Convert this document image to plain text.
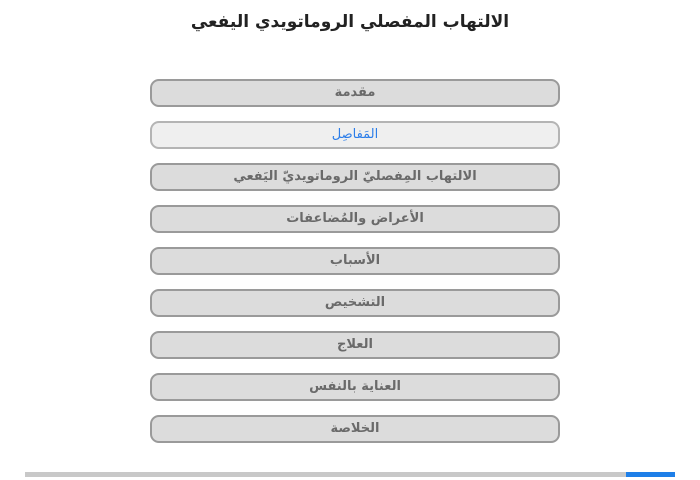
الالتهاب المفصلي الروماتويدي اليفعي
مقدمة
المَفاصِل
الالتهاب المِفصليّ الروماتويديّ اليَفعي
الأعراض والمُضاعفات
الأسباب
التشخيص
العلاج
العناية بالنفس
الخلاصة
